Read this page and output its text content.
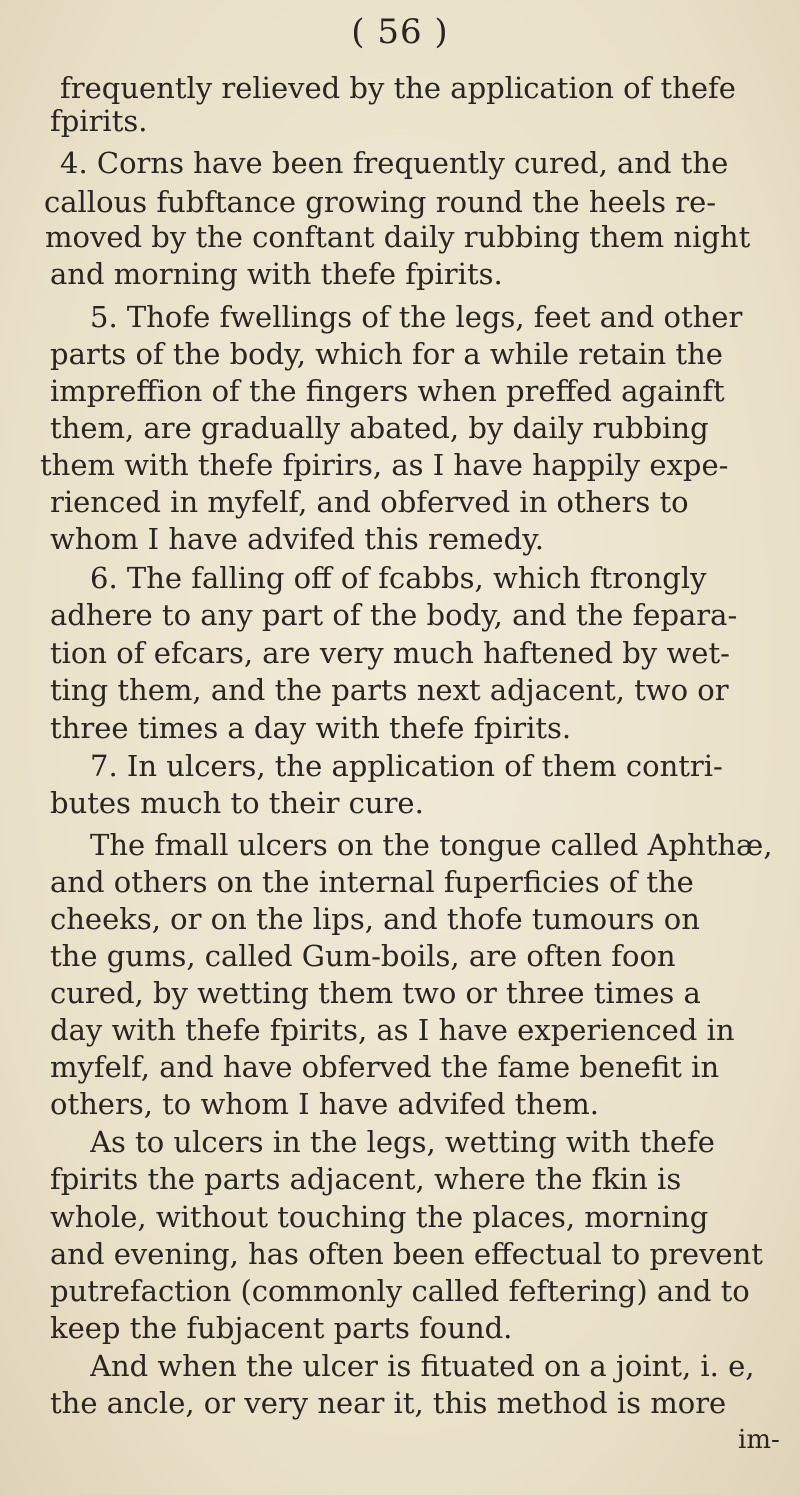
( 56 )
frequently relieved by the application of thefe
fpirits.
4. Corns have been frequently cured, and the
callous fubftance growing round the heels re-
moved by the conftant daily rubbing them night
and morning with thefe fpirits.
5. Thofe fwellings of the legs, feet and other
parts of the body, which for a while retain the
impreffion of the fingers when preffed againft
them, are gradually abated, by daily rubbing
them with thefe fpirirs, as I have happily expe-
rienced in myfelf, and obferved in others to
whom I have advifed this remedy.
6. The falling off of fcabbs, which ftrongly
adhere to any part of the body, and the fepara-
tion of efcars, are very much haftened by wet-
ting them, and the parts next adjacent, two or
three times a day with thefe fpirits.
7. In ulcers, the application of them contri-
butes much to their cure.
The fmall ulcers on the tongue called Aphthæ,
and others on the internal fuperficies of the
cheeks, or on the lips, and thofe tumours on
the gums, called Gum-boils, are often foon
cured, by wetting them two or three times a
day with thefe fpirits, as I have experienced in
myfelf, and have obferved the fame benefit in
others, to whom I have advifed them.
As to ulcers in the legs, wetting with thefe
fpirits the parts adjacent, where the fkin is
whole, without touching the places, morning
and evening, has often been effectual to prevent
putrefaction (commonly called feftering) and to
keep the fubjacent parts found.
And when the ulcer is fituated on a joint, i. e,
the ancle, or very near it, this method is more
im-
